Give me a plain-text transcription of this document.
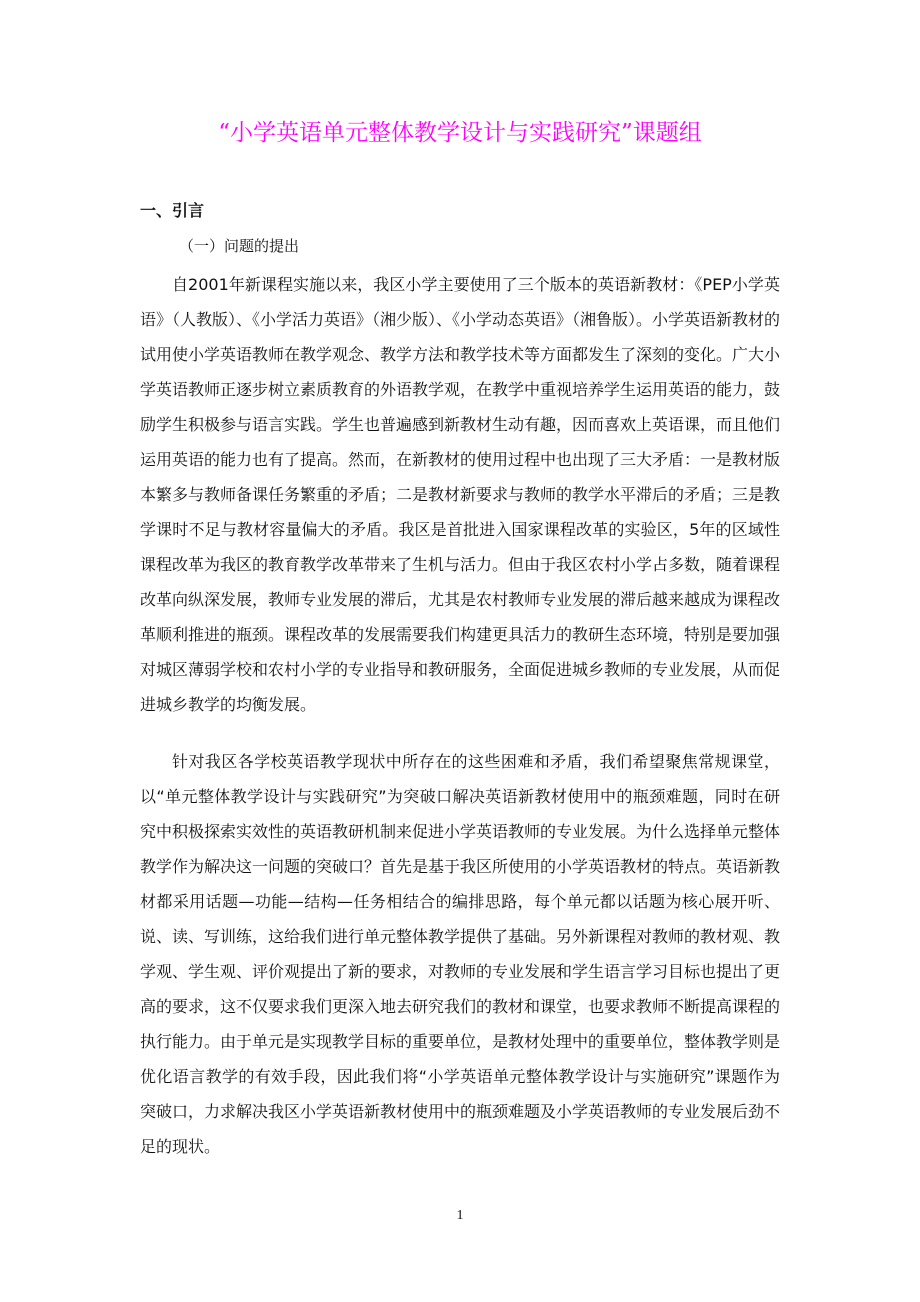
“小学英语单元整体教学设计与实践研究”课题组
一、引言
（一）问题的提出

自2001年新课程实施以来，我区小学主要使用了三个版本的英语新教材：《PEP小学英语》（人教版）、《小学活力英语》（湘少版）、《小学动态英语》（湘鲁版）。小学英语新教材的试用使小学英语教师在教学观念、教学方法和教学技术等方面都发生了深刻的变化。广大小学英语教师正逐步树立素质教育的外语教学观，在教学中重视培养学生运用英语的能力，鼓励学生积极参与语言实践。学生也普遍感到新教材生动有趣，因而喜欢上英语课，而且他们运用英语的能力也有了提高。然而，在新教材的使用过程中也出现了三大矛盾：一是教材版本繁多与教师备课任务繁重的矛盾；二是教材新要求与教师的教学水平滞后的矛盾；三是教学课时不足与教材容量偏大的矛盾。我区是首批进入国家课程改革的实验区，5年的区域性课程改革为我区的教育教学改革带来了生机与活力。但由于我区农村小学占多数，随着课程改革向纵深发展，教师专业发展的滞后，尤其是农村教师专业发展的滞后越来越成为课程改革顺利推进的瓶颈。课程改革的发展需要我们构建更具活力的教研生态环境，特别是要加强对城区薄弱学校和农村小学的专业指导和教研服务，全面促进城乡教师的专业发展，从而促进城乡教学的均衡发展。

针对我区各学校英语教学现状中所存在的这些困难和矛盾，我们希望聚焦常规课堂，以“单元整体教学设计与实践研究”为突破口解决英语新教材使用中的瓶颈难题，同时在研究中积极探索实效性的英语教研机制来促进小学英语教师的专业发展。为什么选择单元整体教学作为解决这一问题的突破口？首先是基于我区所使用的小学英语教材的特点。英语新教材都采用话题—功能—结构—任务相结合的编排思路，每个单元都以话题为核心展开听、说、读、写训练，这给我们进行单元整体教学提供了基础。另外新课程对教师的教材观、教学观、学生观、评价观提出了新的要求，对教师的专业发展和学生语言学习目标也提出了更高的要求，这不仅要求我们更深入地去研究我们的教材和课堂，也要求教师不断提高课程的执行能力。由于单元是实现教学目标的重要单位，是教材处理中的重要单位，整体教学则是优化语言教学的有效手段，因此我们将“小学英语单元整体教学设计与实施研究”课题作为突破口，力求解决我区小学英语新教材使用中的瓶颈难题及小学英语教师的专业发展后劲不足的现状。

1
